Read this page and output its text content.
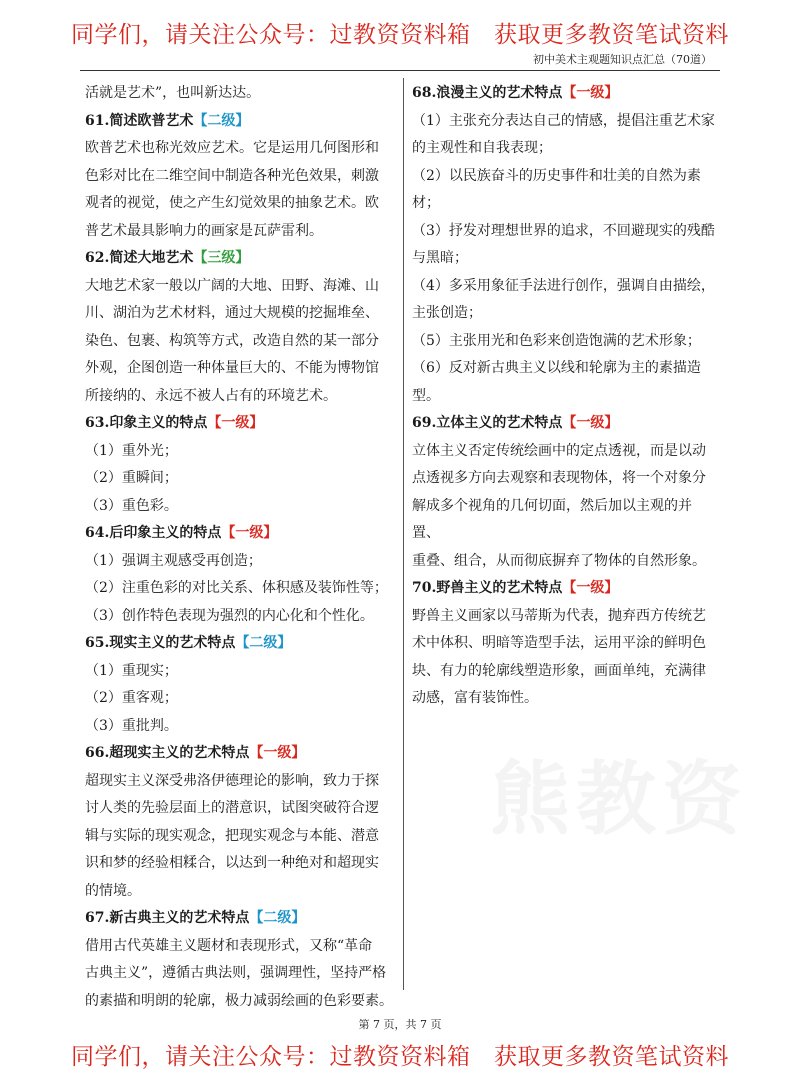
同学们，请关注公众号：过教资资料箱　获取更多教资笔试资料
初中美术主观题知识点汇总（70道）
熊教资

活就是艺术”，也叫新达达。

61.简述欧普艺术【二级】

欧普艺术也称光效应艺术。它是运用几何图形和

色彩对比在二维空间中制造各种光色效果，刺激

观者的视觉，使之产生幻觉效果的抽象艺术。欧

普艺术最具影响力的画家是瓦萨雷利。

62.简述大地艺术【三级】

大地艺术家一般以广阔的大地、田野、海滩、山

川、湖泊为艺术材料，通过大规模的挖掘堆垒、

染色、包裹、构筑等方式，改造自然的某一部分

外观，企图创造一种体量巨大的、不能为博物馆

所接纳的、永远不被人占有的环境艺术。

63.印象主义的特点【一级】

（1）重外光；

（2）重瞬间；

（3）重色彩。

64.后印象主义的特点【一级】

（1）强调主观感受再创造；

（2）注重色彩的对比关系、体积感及装饰性等；

（3）创作特色表现为强烈的内心化和个性化。

65.现实主义的艺术特点【二级】

（1）重现实；

（2）重客观；

（3）重批判。

66.超现实主义的艺术特点【一级】

超现实主义深受弗洛伊德理论的影响，致力于探

讨人类的先验层面上的潜意识，试图突破符合逻

辑与实际的现实观念，把现实观念与本能、潜意

识和梦的经验相糅合，以达到一种绝对和超现实

的情境。

67.新古典主义的艺术特点【二级】

借用古代英雄主义题材和表现形式，又称“革命

古典主义”，遵循古典法则，强调理性，坚持严格

的素描和明朗的轮廓，极力减弱绘画的色彩要素。

68.浪漫主义的艺术特点【一级】

（1）主张充分表达自己的情感，提倡注重艺术家

的主观性和自我表现；

（2）以民族奋斗的历史事件和壮美的自然为素材；

（3）抒发对理想世界的追求，不回避现实的残酷

与黑暗；

（4）多采用象征手法进行创作，强调自由描绘，

主张创造；

（5）主张用光和色彩来创造饱满的艺术形象；

（6）反对新古典主义以线和轮廓为主的素描造型。

69.立体主义的艺术特点【一级】

立体主义否定传统绘画中的定点透视，而是以动

点透视多方向去观察和表现物体，将一个对象分

解成多个视角的几何切面，然后加以主观的并置、

重叠、组合，从而彻底摒弃了物体的自然形象。

70.野兽主义的艺术特点【一级】

野兽主义画家以马蒂斯为代表，抛弃西方传统艺

术中体积、明暗等造型手法，运用平涂的鲜明色

块、有力的轮廓线塑造形象，画面单纯，充满律

动感，富有装饰性。

第 7 页，共 7 页
同学们，请关注公众号：过教资资料箱　获取更多教资笔试资料
